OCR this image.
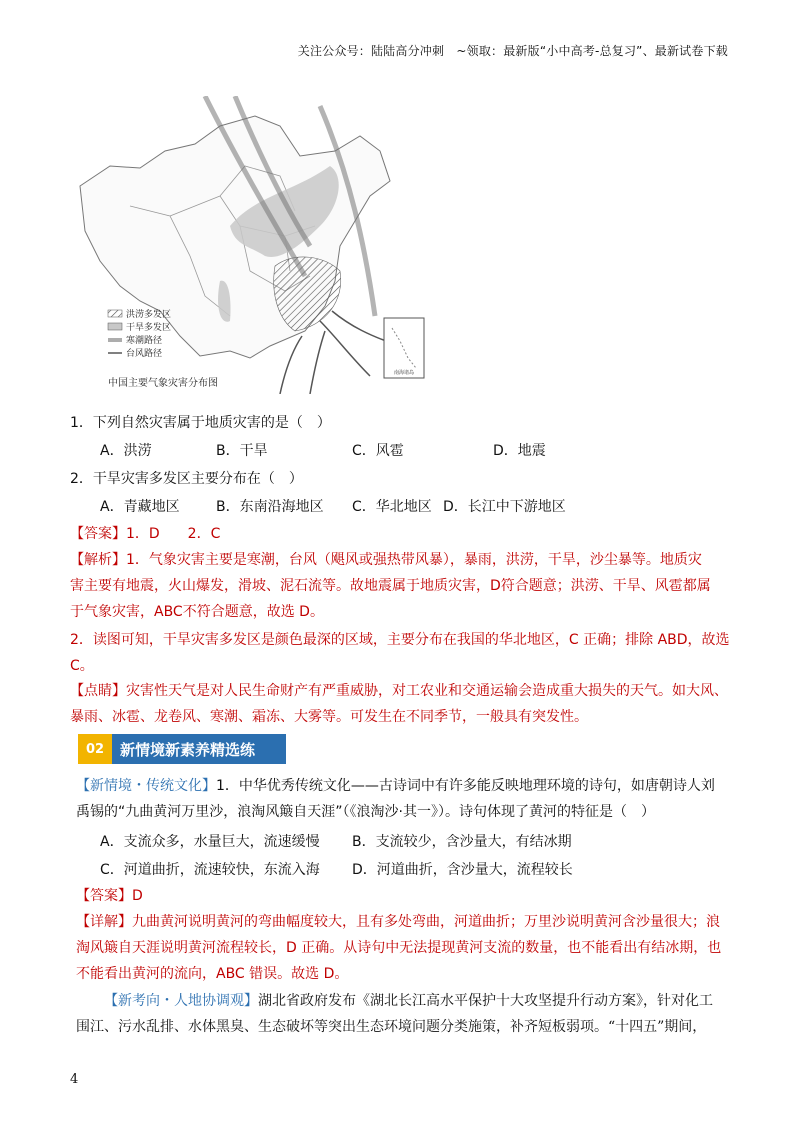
关注公众号：陆陆高分冲刺　~领取：最新版“小中高考-总复习”、最新试卷下载
南海诸岛
洪涝多发区
干旱多发区
寒潮路径
台风路径
中国主要气象灾害分布图
1．下列自然灾害属于地质灾害的是（　）
A．洪涝	B．干旱	C．风雹	D．地震
2．干旱灾害多发区主要分布在（　）
A．青藏地区	B．东南沿海地区 C．华北地区 D．长江中下游地区
【答案】1．D　　2．C
【解析】1．气象灾害主要是寒潮，台风（飓风或强热带风暴），暴雨，洪涝，干旱，沙尘暴等。地质灾
害主要有地震，火山爆发，滑坡、泥石流等。故地震属于地质灾害，D符合题意；洪涝、干旱、风雹都属
于气象灾害，ABC不符合题意，故选 D。
2．读图可知，干旱灾害多发区是颜色最深的区域，主要分布在我国的华北地区，C 正确；排除 ABD，故选
C。
【点睛】灾害性天气是对人民生命财产有严重威胁，对工农业和交通运输会造成重大损失的天气。如大风、
暴雨、冰雹、龙卷风、寒潮、霜冻、大雾等。可发生在不同季节，一般具有突发性。
02	新情境新素养精选练
【新情境・传统文化】1．中华优秀传统文化——古诗词中有许多能反映地理环境的诗句，如唐朝诗人刘
禹锡的“九曲黄河万里沙，浪淘风簸自天涯”（《浪淘沙·其一》）。诗句体现了黄河的特征是（　）
A．支流众多，水量巨大，流速缓慢 B．支流较少，含沙量大，有结冰期
C．河道曲折，流速较快，东流入海 D．河道曲折，含沙量大，流程较长
【答案】D
【详解】九曲黄河说明黄河的弯曲幅度较大，且有多处弯曲，河道曲折；万里沙说明黄河含沙量很大；浪
淘风簸自天涯说明黄河流程较长，D 正确。从诗句中无法提现黄河支流的数量，也不能看出有结冰期，也
不能看出黄河的流向，ABC 错误。故选 D。
【新考向・人地协调观】湖北省政府发布《湖北长江高水平保护十大攻坚提升行动方案》，针对化工
围江、污水乱排、水体黑臭、生态破坏等突出生态环境问题分类施策，补齐短板弱项。“十四五”期间，
4
